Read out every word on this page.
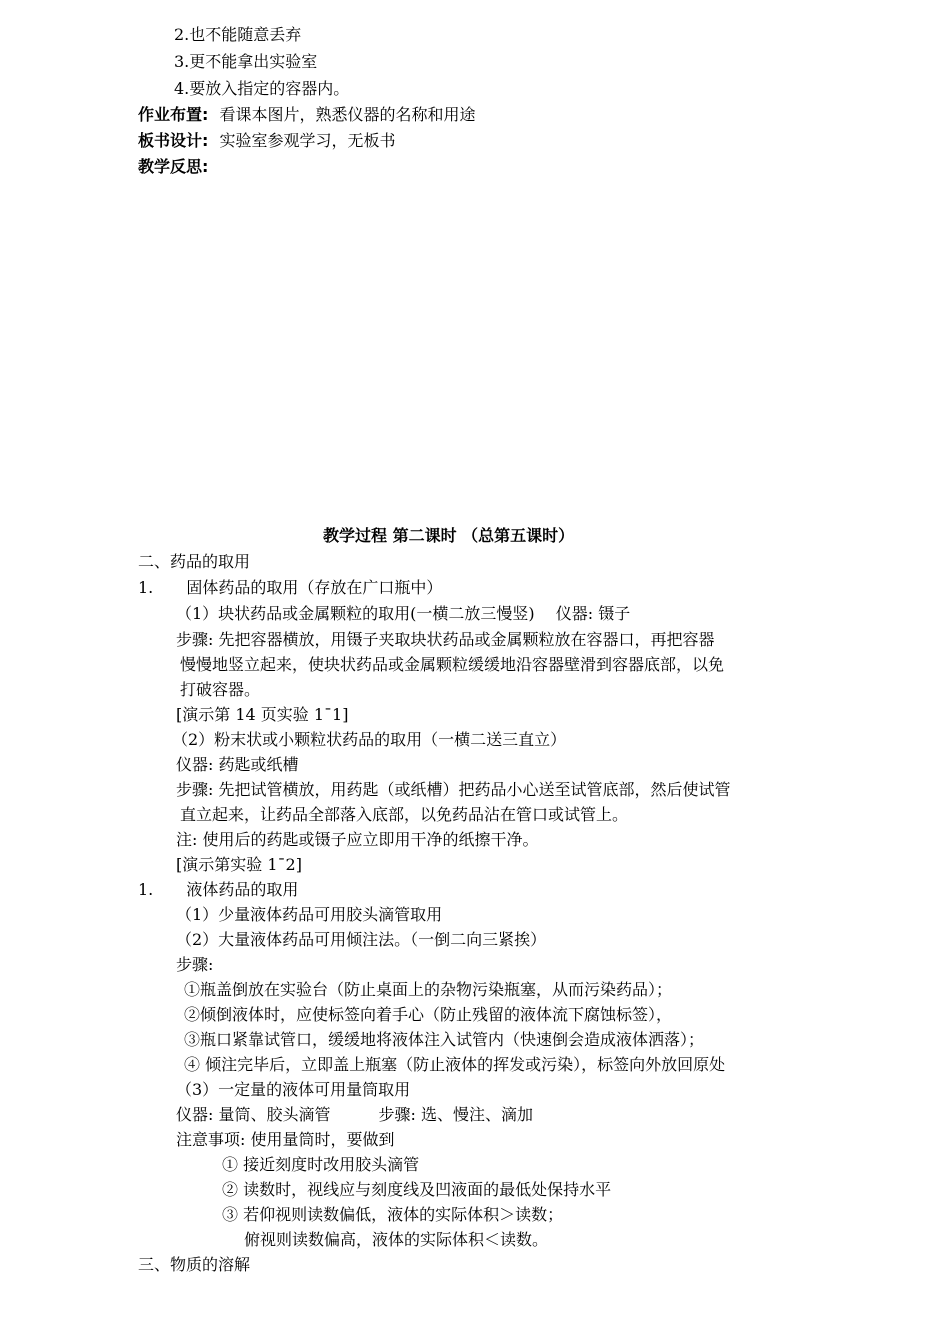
2.也不能随意丢弃
3.更不能拿出实验室
4.要放入指定的容器内。
作业布置: 看课本图片，熟悉仪器的名称和用途
板书设计: 实验室参观学习，无板书
教学反思:
教学过程 第二课时 （总第五课时）
二、药品的取用
1. 固体药品的取用（存放在广口瓶中）
（1）块状药品或金属颗粒的取用(一横二放三慢竖)　 仪器: 镊子
步骤: 先把容器横放，用镊子夹取块状药品或金属颗粒放在容器口，再把容器
慢慢地竖立起来，使块状药品或金属颗粒缓缓地沿容器壁滑到容器底部，以免
打破容器。
[演示第 14 页实验 1¯1]
（2）粉末状或小颗粒状药品的取用（一横二送三直立）
仪器: 药匙或纸槽
步骤: 先把试管横放，用药匙（或纸槽）把药品小心送至试管底部，然后使试管
直立起来，让药品全部落入底部，以免药品沾在管口或试管上。
注: 使用后的药匙或镊子应立即用干净的纸擦干净。
[演示第实验 1¯2]
1. 液体药品的取用
（1）少量液体药品可用胶头滴管取用
（2）大量液体药品可用倾注法。（一倒二向三紧挨）
步骤:
①瓶盖倒放在实验台（防止桌面上的杂物污染瓶塞，从而污染药品）；
②倾倒液体时，应使标签向着手心（防止残留的液体流下腐蚀标签），
③瓶口紧靠试管口，缓缓地将液体注入试管内（快速倒会造成液体洒落）；
④ 倾注完毕后，立即盖上瓶塞（防止液体的挥发或污染），标签向外放回原处
（3）一定量的液体可用量筒取用
仪器: 量筒、胶头滴管　　　步骤: 选、慢注、滴加
注意事项: 使用量筒时，要做到
① 接近刻度时改用胶头滴管
② 读数时，视线应与刻度线及凹液面的最低处保持水平
③ 若仰视则读数偏低，液体的实际体积＞读数；
俯视则读数偏高，液体的实际体积＜读数。
三、物质的溶解
